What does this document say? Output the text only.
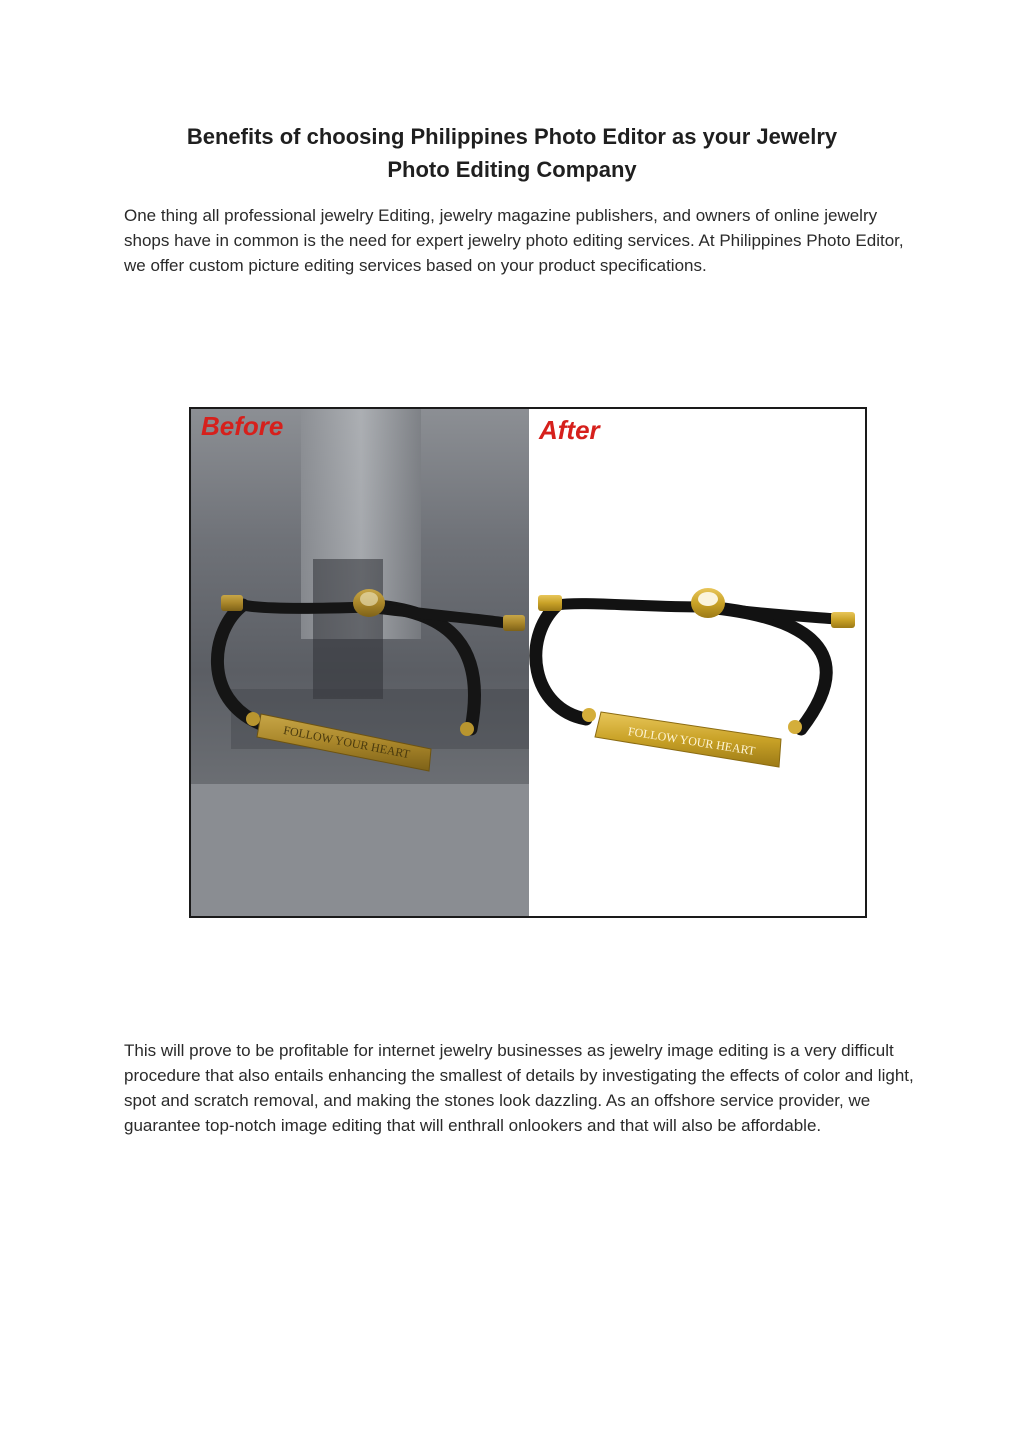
Benefits of choosing Philippines Photo Editor as your Jewelry
Photo Editing Company

One thing all professional jewelry Editing, jewelry magazine publishers, and owners of online jewelry shops have in common is the need for expert jewelry photo editing services. At Philippines Photo Editor, we offer custom picture editing services based on your product specifications.

FOLLOW YOUR HEART
Before
FOLLOW YOUR HEART
After

This will prove to be profitable for internet jewelry businesses as jewelry image editing is a very difficult procedure that also entails enhancing the smallest of details by investigating the effects of color and light, spot and scratch removal, and making the stones look dazzling. As an offshore service provider, we guarantee top-notch image editing that will enthrall onlookers and that will also be affordable.
